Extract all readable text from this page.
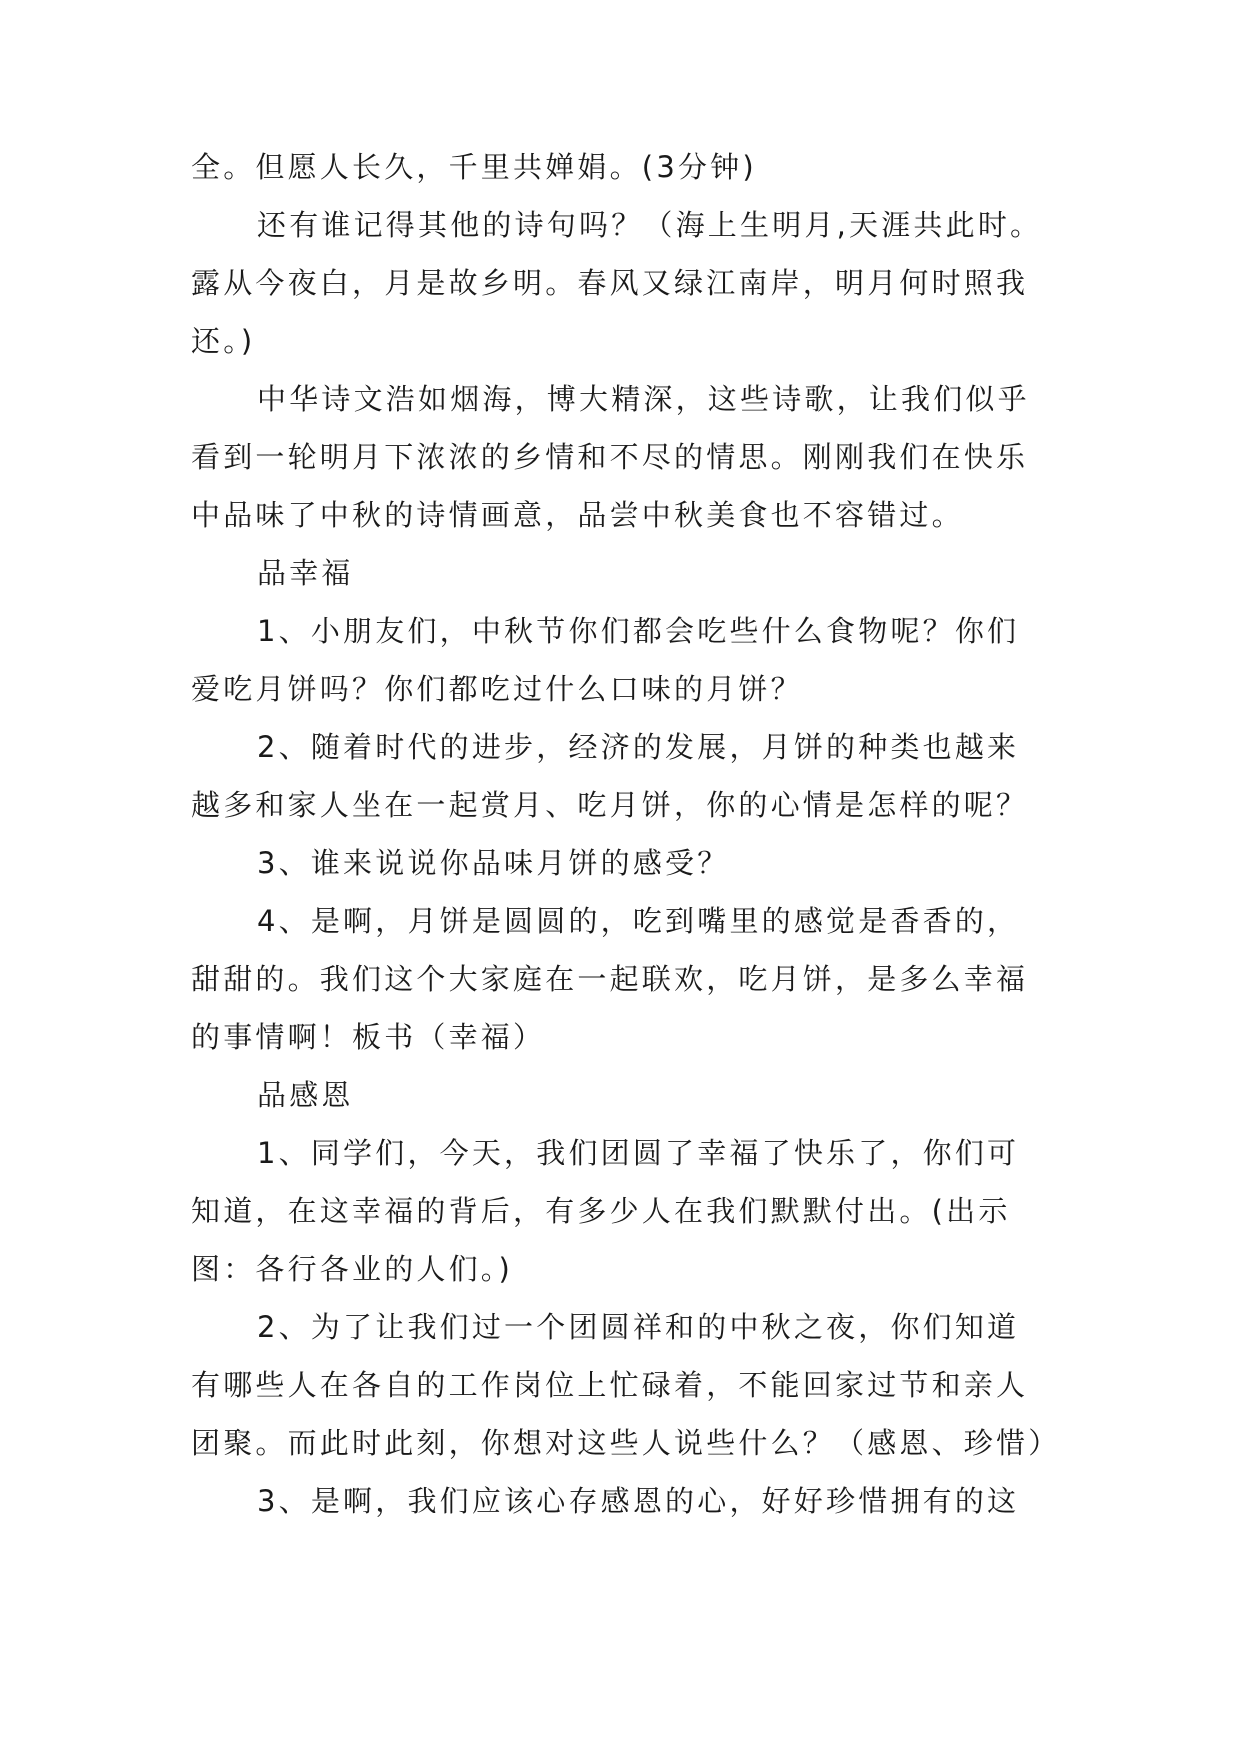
全。但愿人长久，千里共婵娟。(3分钟)
还有谁记得其他的诗句吗？（海上生明月,天涯共此时。
露从今夜白，月是故乡明。春风又绿江南岸，明月何时照我
还。)
中华诗文浩如烟海，博大精深，这些诗歌，让我们似乎
看到一轮明月下浓浓的乡情和不尽的情思。刚刚我们在快乐
中品味了中秋的诗情画意，品尝中秋美食也不容错过。
品幸福
1、小朋友们，中秋节你们都会吃些什么食物呢？你们
爱吃月饼吗？你们都吃过什么口味的月饼？
2、随着时代的进步，经济的发展，月饼的种类也越来
越多和家人坐在一起赏月、吃月饼，你的心情是怎样的呢？
3、谁来说说你品味月饼的感受？
4、是啊，月饼是圆圆的，吃到嘴里的感觉是香香的，
甜甜的。我们这个大家庭在一起联欢，吃月饼，是多么幸福
的事情啊！板书（幸福）
品感恩
1、同学们，今天，我们团圆了幸福了快乐了，你们可
知道，在这幸福的背后，有多少人在我们默默付出。(出示
图：各行各业的人们。)
2、为了让我们过一个团圆祥和的中秋之夜，你们知道
有哪些人在各自的工作岗位上忙碌着，不能回家过节和亲人
团聚。而此时此刻，你想对这些人说些什么？（感恩、珍惜）
3、是啊，我们应该心存感恩的心，好好珍惜拥有的这
